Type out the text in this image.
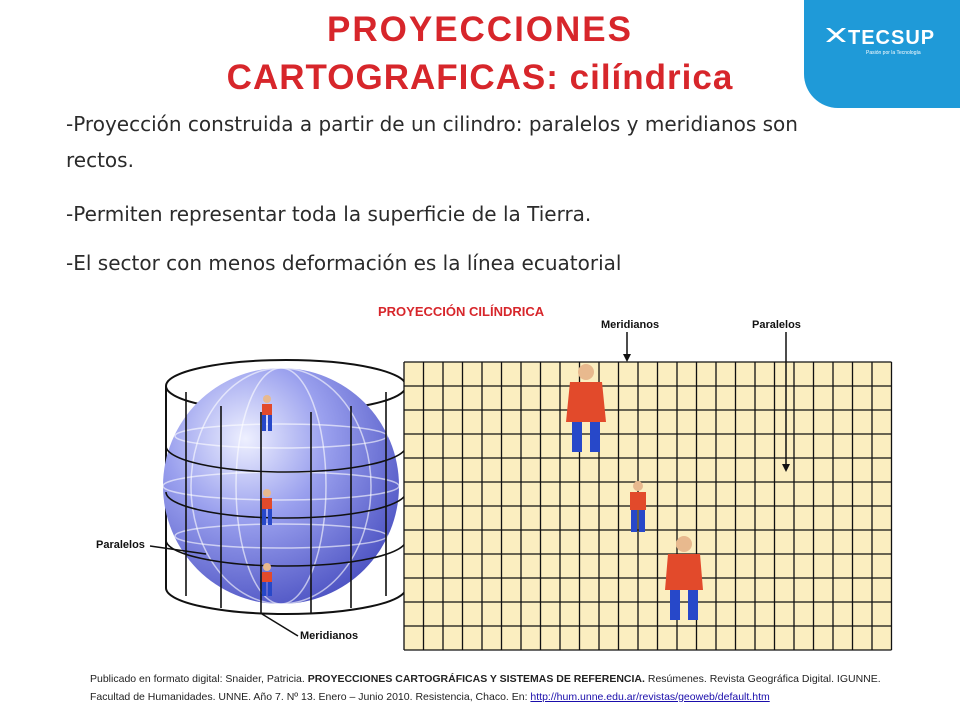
PROYECCIONES
CARTOGRAFICAS: cilíndrica
TECSUP
Pasión por la Tecnología
-Proyección construida a partir de un cilindro: paralelos y meridianos son rectos.
-Permiten representar toda la superficie de la Tierra.
-El sector con menos deformación es la línea ecuatorial
Paralelos
Meridianos
PROYECCIÓN CILÍNDRICA
Meridianos	Paralelos
Publicado en formato digital: Snaider, Patricia. PROYECCIONES CARTOGRÁFICAS Y SISTEMAS DE REFERENCIA. Resúmenes. Revista Geográfica Digital. IGUNNE.
Facultad de Humanidades. UNNE. Año 7. Nº 13. Enero – Junio 2010. Resistencia, Chaco. En: http://hum.unne.edu.ar/revistas/geoweb/default.htm
